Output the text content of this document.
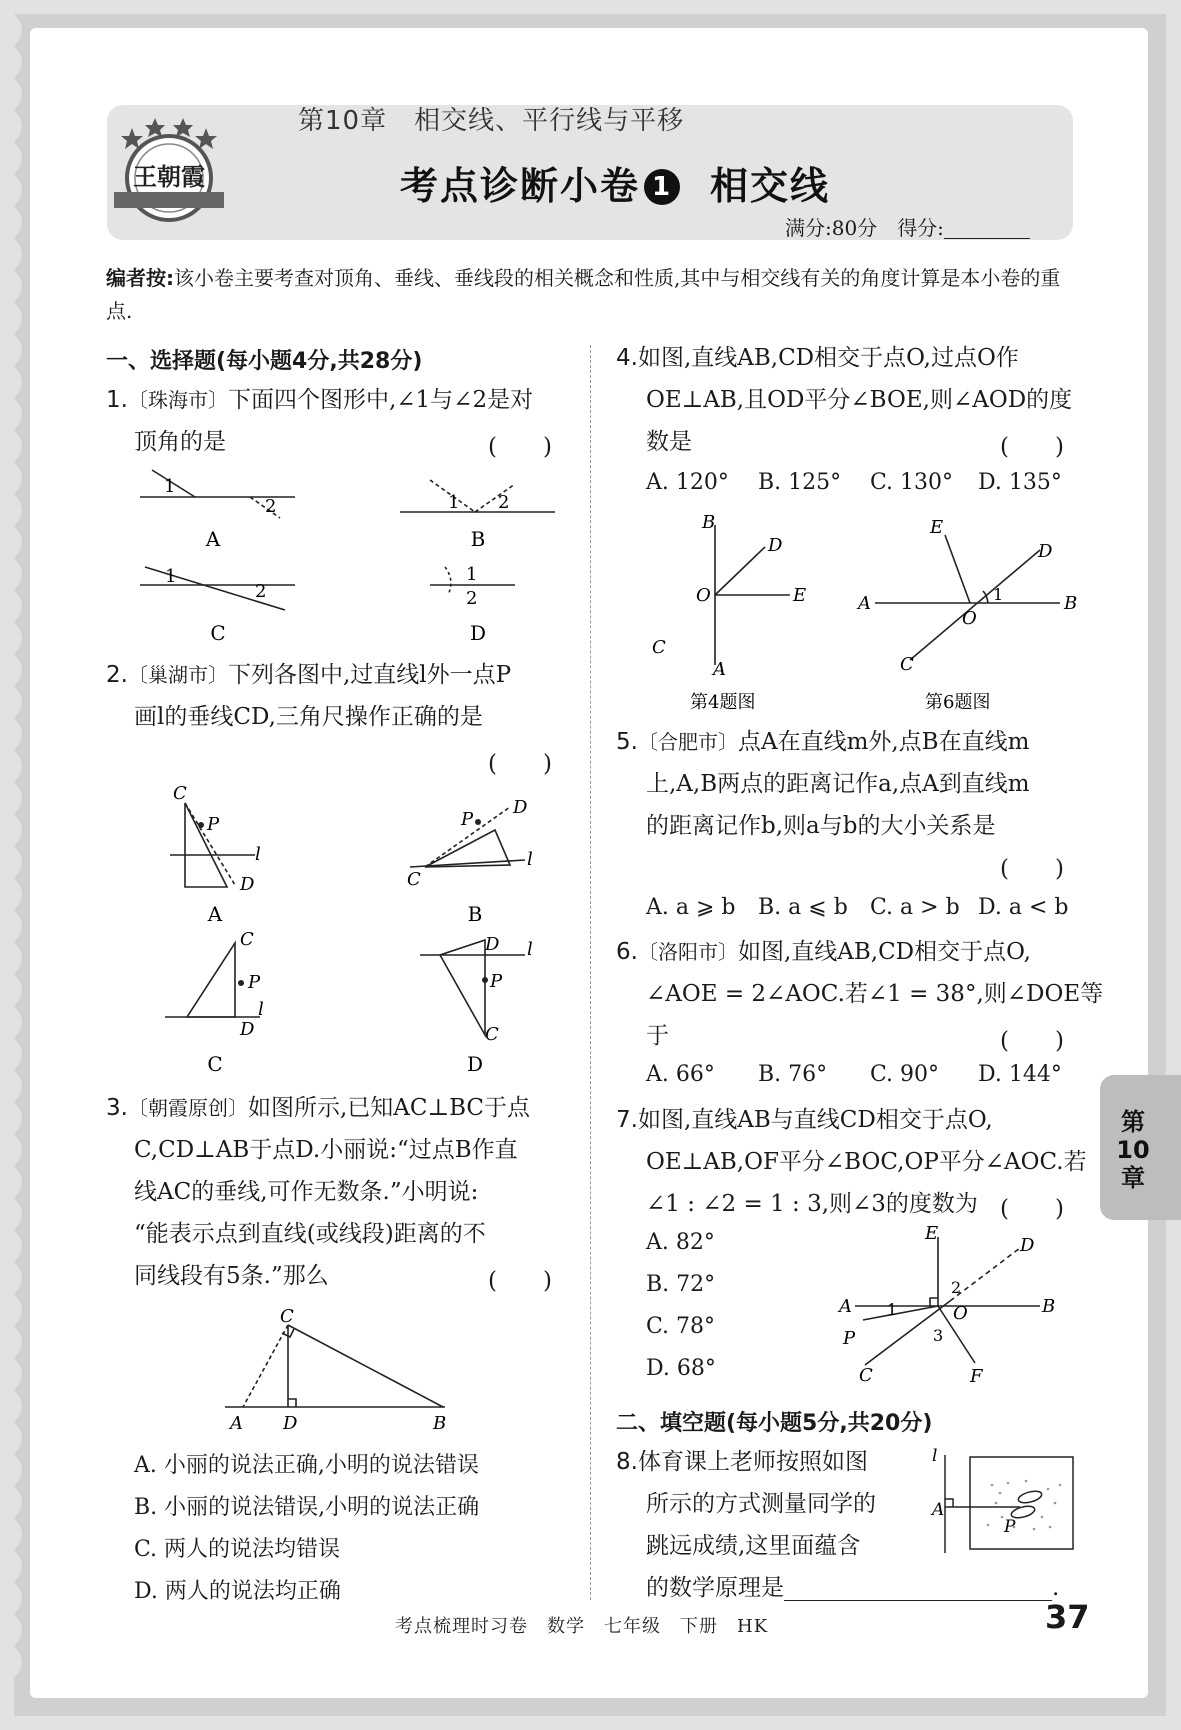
王朝霞
第10章　相交线、平行线与平移
考点诊断小卷 1 相交线
满分:80分　 得分:
编者按:该小卷主要考查对顶角、垂线、垂线段的相关概念和性质,其中与相交线有关的角度计算是本小卷的重点.
一、选择题(每小题4分,共28分)
1.〔珠海市〕下面四个图形中,∠1与∠2是对
顶角的是	(　　)
1
2	1 2
1
2
1
2
A	B
C	D
2.〔巢湖市〕下列各图中,过直线l外一点P
画l的垂线CD,三角尺操作正确的是
(　　)
C
P
l
D	C
P
D
l
C
P
l
D
D l
P
C
A	B
C	D
3.〔朝霞原创〕如图所示,已知AC⊥BC于点
C,CD⊥AB于点D.小丽说:“过点B作直
线AC的垂线,可作无数条.”小明说:
“能表示点到直线(或线段)距离的不
同线段有5条.”那么	(　　)
A	B
C
D
A. 小丽的说法正确,小明的说法错误
B. 小丽的说法错误,小明的说法正确
C. 两人的说法均错误
D. 两人的说法均正确
4.如图,直线AB,CD相交于点O,过点O作
OE⊥AB,且OD平分∠BOE,则∠AOD的度
数是	(　　)
A. 120° B. 125° C. 130° D. 135°
B
D
O	E
C
A
E
D
A	B
O
1
C
第4题图	第6题图
5.〔合肥市〕点A在直线m外,点B在直线m
上,A,B两点的距离记作a,点A到直线m
的距离记作b,则a与b的大小关系是
(　　)
A. a ⩾ b B. a ⩽ b C. a > b D. a < b
6.〔洛阳市〕如图,直线AB,CD相交于点O,
∠AOE = 2∠AOC.若∠1 = 38°,则∠DOE等
于	(　　)
A. 66° B. 76° C. 90° D. 144°
7.如图,直线AB与直线CD相交于点O,
OE⊥AB,OF平分∠BOC,OP平分∠AOC.若
∠1 : ∠2 = 1 : 3,则∠3的度数为 (　　)
A. 82°
B. 72°
C. 78°
D. 68°
E
D
A	B
O
P
C	F
1
2
3
二、填空题(每小题5分,共20分)
8.体育课上老师按照如图
所示的方式测量同学的
跳远成绩,这里面蕴含
的数学原理是	.
l
A
P
第
10
章
考点梳理时习卷　数学　七年级　下册　HK	37
